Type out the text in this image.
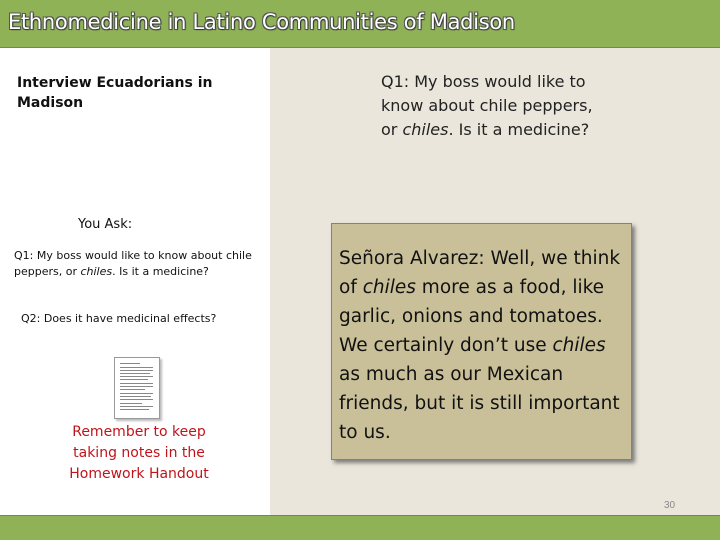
Ethnomedicine in Latino Communities of Madison
Interview Ecuadorians in Madison
You Ask:
Q1: My boss would like to know about chile peppers, or chiles. Is it a medicine?
Q2: Does it have medicinal effects?
Remember to keep taking notes in the Homework Handout
Q1: My boss would like to know about chile peppers, or chiles. Is it a medicine?
Señora Alvarez: Well, we think of chiles more as a food, like garlic, onions and tomatoes. We certainly don’t use chiles as much as our Mexican friends, but it is still important to us.
30
